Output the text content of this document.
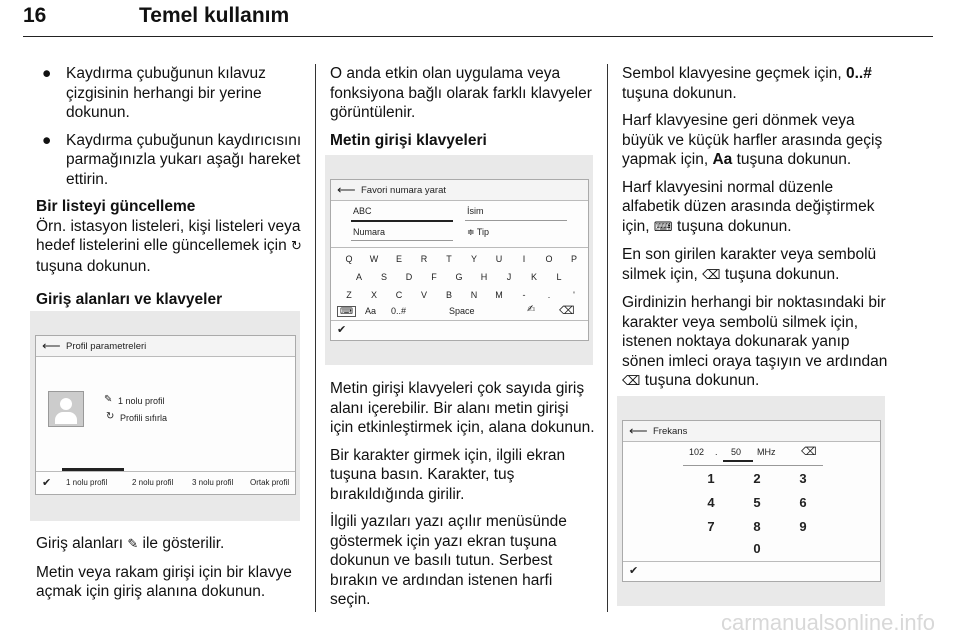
16	Temel kullanım
● Kaydırma çubuğunun kılavuz çizgisinin herhangi bir yerine dokunun.
● Kaydırma çubuğunun kaydırıcısını parmağınızla yukarı aşağı hareket ettirin.
Bir listeyi güncelleme

Örn. istasyon listeleri, kişi listeleri veya hedef listelerini elle güncellemek için ↻ tuşuna dokunun.

Giriş alanları ve klavyeler

Giriş alanları ✎ ile gösterilir.

Metin veya rakam girişi için bir klavye açmak için giriş alanına dokunun.

⟵ Profil parametreleri
✎ 1 nolu profil
↻ Profili sıfırla
✔ 1 nolu profil	2 nolu profil 3 nolu profil Ortak profil

O anda etkin olan uygulama veya fonksiyona bağlı olarak farklı klavyeler görüntülenir.

Metin girişi klavyeleri

Metin girişi klavyeleri çok sayıda giriş alanı içerebilir. Bir alanı metin girişi için etkinleştirmek için, alana dokunun.

Bir karakter girmek için, ilgili ekran tuşuna basın. Karakter, tuş bırakıldığında girilir.

İlgili yazıları yazı açılır menüsünde göstermek için yazı ekran tuşuna dokunun ve basılı tutun. Serbest bırakın ve ardından istenen harfi seçin.

⟵ Favori numara yarat
ABC	İsim
Numara	≑ Tip
Q	W	E	R	T	Y	U	I	O	P
A	S	D	F	G	H	J	K	L
Z	X	C	V	B	N	M	-	.	'
⌨	Aa 0..#	Space	✍ ⌫
✔

Sembol klavyesine geçmek için, 0..# tuşuna dokunun.

Harf klavyesine geri dönmek veya büyük ve küçük harfler arasında geçiş yapmak için, Aa tuşuna dokunun.

Harf klavyesini normal düzenle alfabetik düzen arasında değiştirmek için, ⌨ tuşuna dokunun.

En son girilen karakter veya sembolü silmek için, ⌫ tuşuna dokunun.

Girdinizin herhangi bir noktasındaki bir karakter veya sembolü silmek için, istenen noktaya dokunarak yanıp sönen imleci oraya taşıyın ve ardından ⌫ tuşuna dokunun.

⟵ Frekans
102 . 50 MHz ⌫
1	2	3
4	5	6
7	8	9
0
✔
carmanualsonline.info
